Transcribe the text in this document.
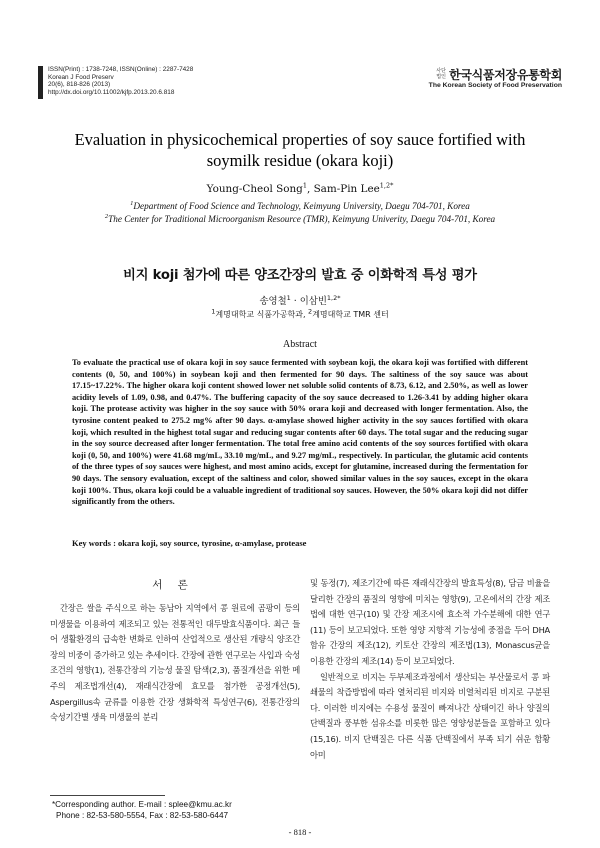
ISSN(Print) : 1738-7248, ISSN(Online) : 2287-7428
Korean J Food Preserv
20(6), 818-826 (2013)
http://dx.doi.org/10.11002/kjfp.2013.20.6.818
사단법인 한국식품저장유통학회
The Korean Society of Food Preservation
Evaluation in physicochemical properties of soy sauce fortified with
soymilk residue (okara koji)
Young-Cheol Song$^1$, Sam-Pin Lee$^{1,2*}$
$^1$Department of Food Science and Technology, Keimyung University, Daegu 704-701, Korea
$^2$The Center for Traditional Microorganism Resource (TMR), Keimyung Univerity, Daegu 704-701, Korea
비지 koji 첨가에 따른 양조간장의 발효 중 이화학적 특성 평가
송영철$^1$ · 이삼빈$^{1,2*}$
$^1$계명대학교 식품가공학과, $^2$계명대학교 TMR 센터
Abstract
To evaluate the practical use of okara koji in soy sauce fermented with soybean koji, the okara koji was fortified with different contents (0, 50, and 100%) in soybean koji and then fermented for 90 days. The saltiness of the soy sauce was about 17.15~17.22%. The higher okara koji content showed lower net soluble solid contents of 8.73, 6.12, and 2.50%, as well as lower acidity levels of 1.09, 0.98, and 0.47%. The buffering capacity of the soy sauce decreased to 1.26-3.41 by adding higher okara koji. The protease activity was higher in the soy sauce with 50% orara koji and decreased with longer fermentation. Also, the tyrosine content peaked to 275.2 mg% after 90 days. α-amylase showed higher activity in the soy sauces fortified with okara koji, which resulted in the highest total sugar and reducing sugar contents after 60 days. The total sugar and the reducing sugar in the soy source decreased after longer fermentation. The total free amino acid contents of the soy sources fortified with okara koji (0, 50, and 100%) were 41.68 mg/mL, 33.10 mg/mL, and 9.27 mg/mL, respectively. In particular, the glutamic acid contents of the three types of soy sauces were highest, and most amino acids, except for glutamine, increased during the fermentation for 90 days. The sensory evaluation, except of the saltiness and color, showed similar values in the soy sauces, except in the okara koji 100%. Thus, okara koji could be a valuable ingredient of traditional soy sauces. However, the 50% okara koji did not differ significantly from the others.
Key words : okara koji, soy source, tyrosine, α-amylase, protease
서 론

간장은 쌀을 주식으로 하는 동남아 지역에서 콩 원료에 곰팡이 등의 미생물을 이용하여 제조되고 있는 전통적인 대두발효식품이다. 최근 들어 생활환경의 급속한 변화로 인하여 산업적으로 생산된 개량식 양조간장의 비중이 증가하고 있는 추세이다. 간장에 관한 연구로는 사입과 숙성조건의 영향(1), 전통간장의 기능성 물질 탐색(2,3), 품질개선을 위한 메주의 제조법개선(4), 재래식간장에 효모를 첨가한 공정개선(5), Aspergillus속 균류를 이용한 간장 생화학적 특성연구(6), 전통간장의 숙성기간별 생육 미생물의 분리

및 동정(7), 제조기간에 따른 재래식간장의 발효특성(8), 담금 비율을 달리한 간장의 품질의 영향에 미치는 영향(9), 고온에서의 간장 제조법에 대한 연구(10) 및 간장 제조시에 효소적 가수분해에 대한 연구(11) 등이 보고되었다. 또한 영양 지향적 기능성에 중점을 두어 DHA함유 간장의 제조(12), 키토산 간장의 제조법(13), Monascus균을 이용한 간장의 제조(14) 등이 보고되었다.

일반적으로 비지는 두부제조과정에서 생산되는 부산물로서 콩 파쇄물의 착즙방법에 따라 열처리된 비지와 비열처리된 비지로 구분된다. 이러한 비지에는 수용성 물질이 빠져나간 상태이긴 하나 양질의 단백질과 풍부한 섬유소를 비롯한 많은 영양성분들을 포함하고 있다(15,16). 비지 단백질은 다른 식품 단백질에서 부족 되기 쉬운 함황 아미

*Corresponding author. E-mail : splee@kmu.ac.kr
Phone : 82-53-580-5554, Fax : 82-53-580-6447
- 818 -
